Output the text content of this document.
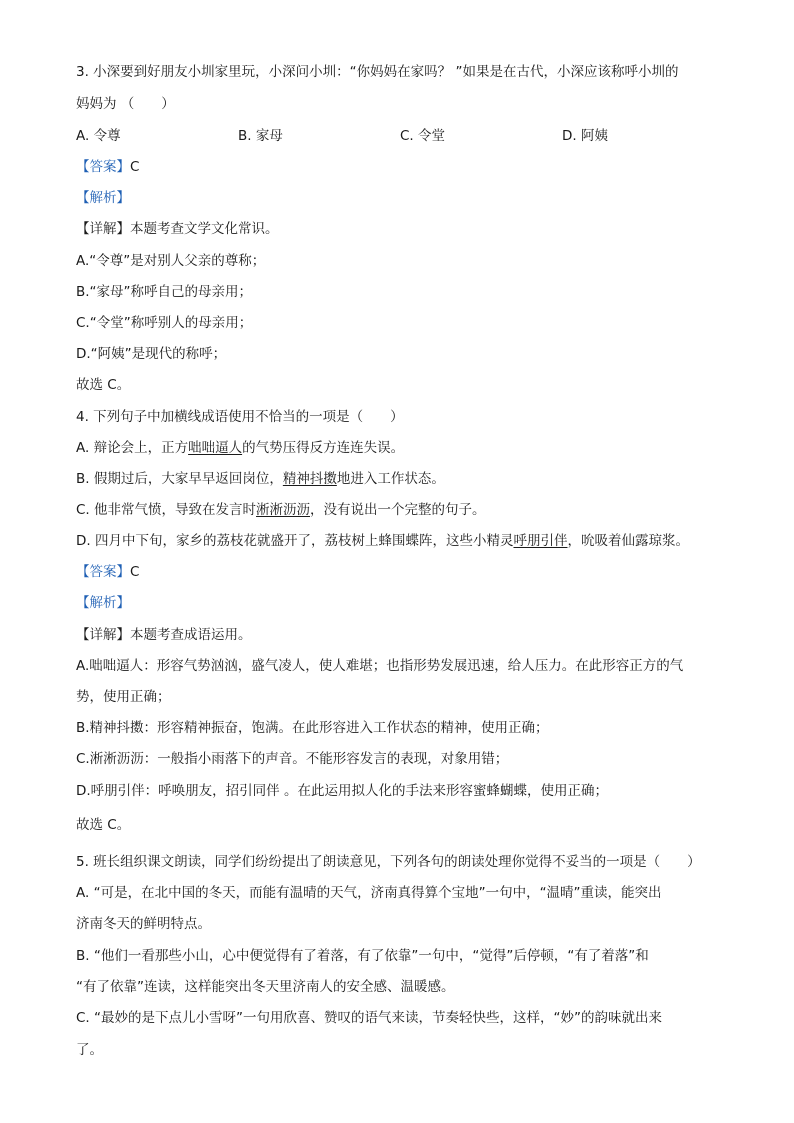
3. 小深要到好朋友小圳家里玩，小深问小圳：“你妈妈在家吗？ ”如果是在古代，小深应该称呼小圳的
妈妈为 （　　）
A. 令尊	B. 家母	C. 令堂	D. 阿姨
【答案】C
【解析】
【详解】本题考查文学文化常识。
A.“令尊”是对别人父亲的尊称；
B.“家母”称呼自己的母亲用；
C.“令堂”称呼别人的母亲用；
D.“阿姨”是现代的称呼；
故选 C。
4. 下列句子中加横线成语使用不恰当的一项是（　　）
A. 辩论会上，正方咄咄逼人的气势压得反方连连失误。
B. 假期过后，大家早早返回岗位，精神抖擞地进入工作状态。
C. 他非常气愤，导致在发言时淅淅沥沥，没有说出一个完整的句子。
D. 四月中下旬，家乡的荔枝花就盛开了，荔枝树上蜂围蝶阵，这些小精灵呼朋引伴，吮吸着仙露琼浆。
【答案】C
【解析】
【详解】本题考查成语运用。
A.咄咄逼人：形容气势汹汹，盛气凌人，使人难堪；也指形势发展迅速，给人压力。在此形容正方的气
势，使用正确；
B.精神抖擞：形容精神振奋，饱满。在此形容进入工作状态的精神，使用正确；
C.淅淅沥沥：一般指小雨落下的声音。不能形容发言的表现，对象用错；
D.呼朋引伴：呼唤朋友，招引同伴 。在此运用拟人化的手法来形容蜜蜂蝴蝶，使用正确；
故选 C。
5. 班长组织课文朗读，同学们纷纷提出了朗读意见，下列各句的朗读处理你觉得不妥当的一项是（　　）
A. “可是，在北中国的冬天，而能有温晴的天气，济南真得算个宝地”一句中，“温晴”重读，能突出
济南冬天的鲜明特点。
B. “他们一看那些小山，心中便觉得有了着落，有了依靠”一句中，“觉得”后停顿，“有了着落”和
“有了依靠”连读，这样能突出冬天里济南人的安全感、温暖感。
C. “最妙的是下点儿小雪呀”一句用欣喜、赞叹的语气来读，节奏轻快些，这样，“妙”的韵味就出来
了。
